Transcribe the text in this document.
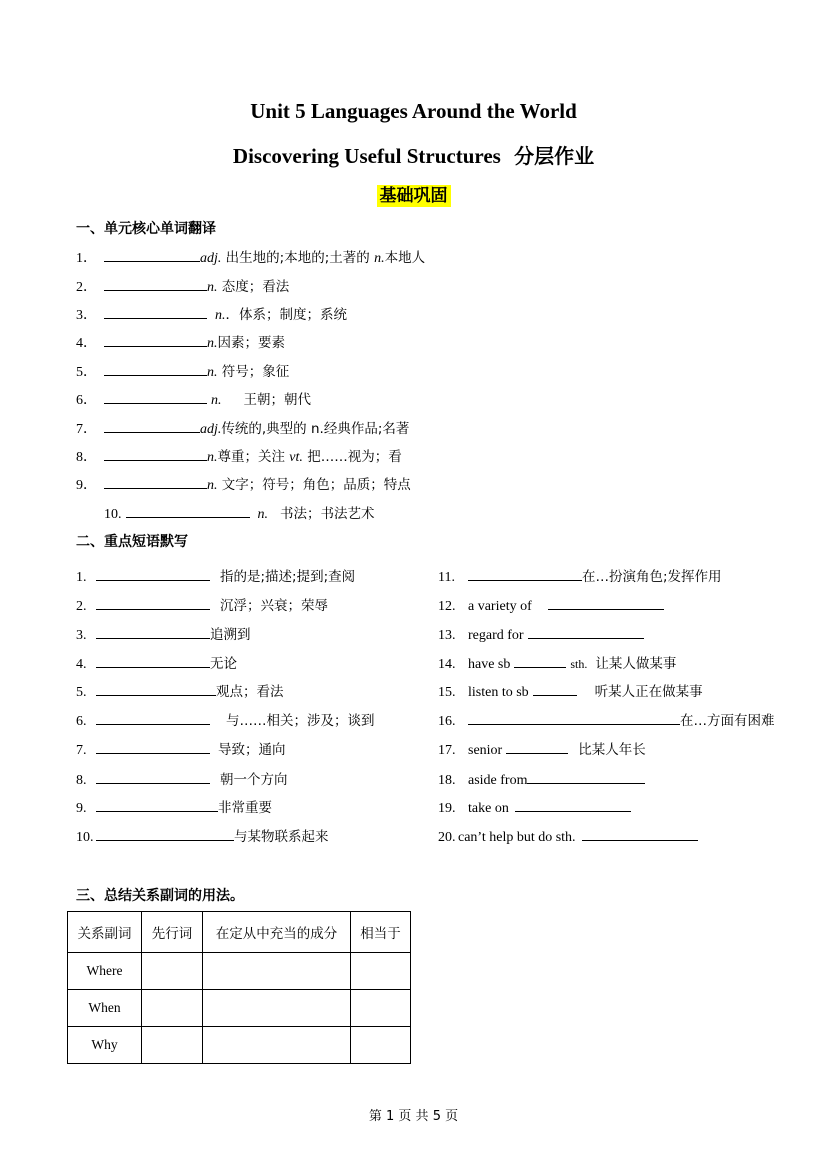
Unit 5 Languages Around the World
Discovering Useful Structures 分层作业
基础巩固
一、单元核心单词翻译
1．	adj. 出生地的;本地的;土著的 n.本地人
2．	n. 态度；看法
3．	n.．体系；制度；系统
4．	n.因素；要素
5．	n. 符号；象征
6．	n. 王朝；朝代
7．	adj.传统的,典型的 n.经典作品;名著
8．	n.尊重；关注 vt. 把……视为；看
9．	n. 文字；符号；角色；品质；特点
10.	n. 书法；书法艺术
二、重点短语默写
1.	指的是;描述;提到;查阅
2.	沉浮；兴衰；荣辱
3.	追溯到
4.	无论
5.	观点；看法
6.	与……相关；涉及；谈到
7.	导致；通向
8.	朝一个方向
9.	非常重要
10.	与某物联系起来
11.	在…扮演角色;发挥作用
12. a variety of
13. regard for
14. have sb	sth. 让某人做某事
15. listen to sb	听某人正在做某事
16.	在…方面有困难
17. senior	比某人年长
18. aside from
19. take on
20. can’t help but do sth.
三、总结关系副词的用法。
关系副词	先行词	在定从中充当的成分	相当于
Where			
When			
Why			
第 1 页 共 5 页
